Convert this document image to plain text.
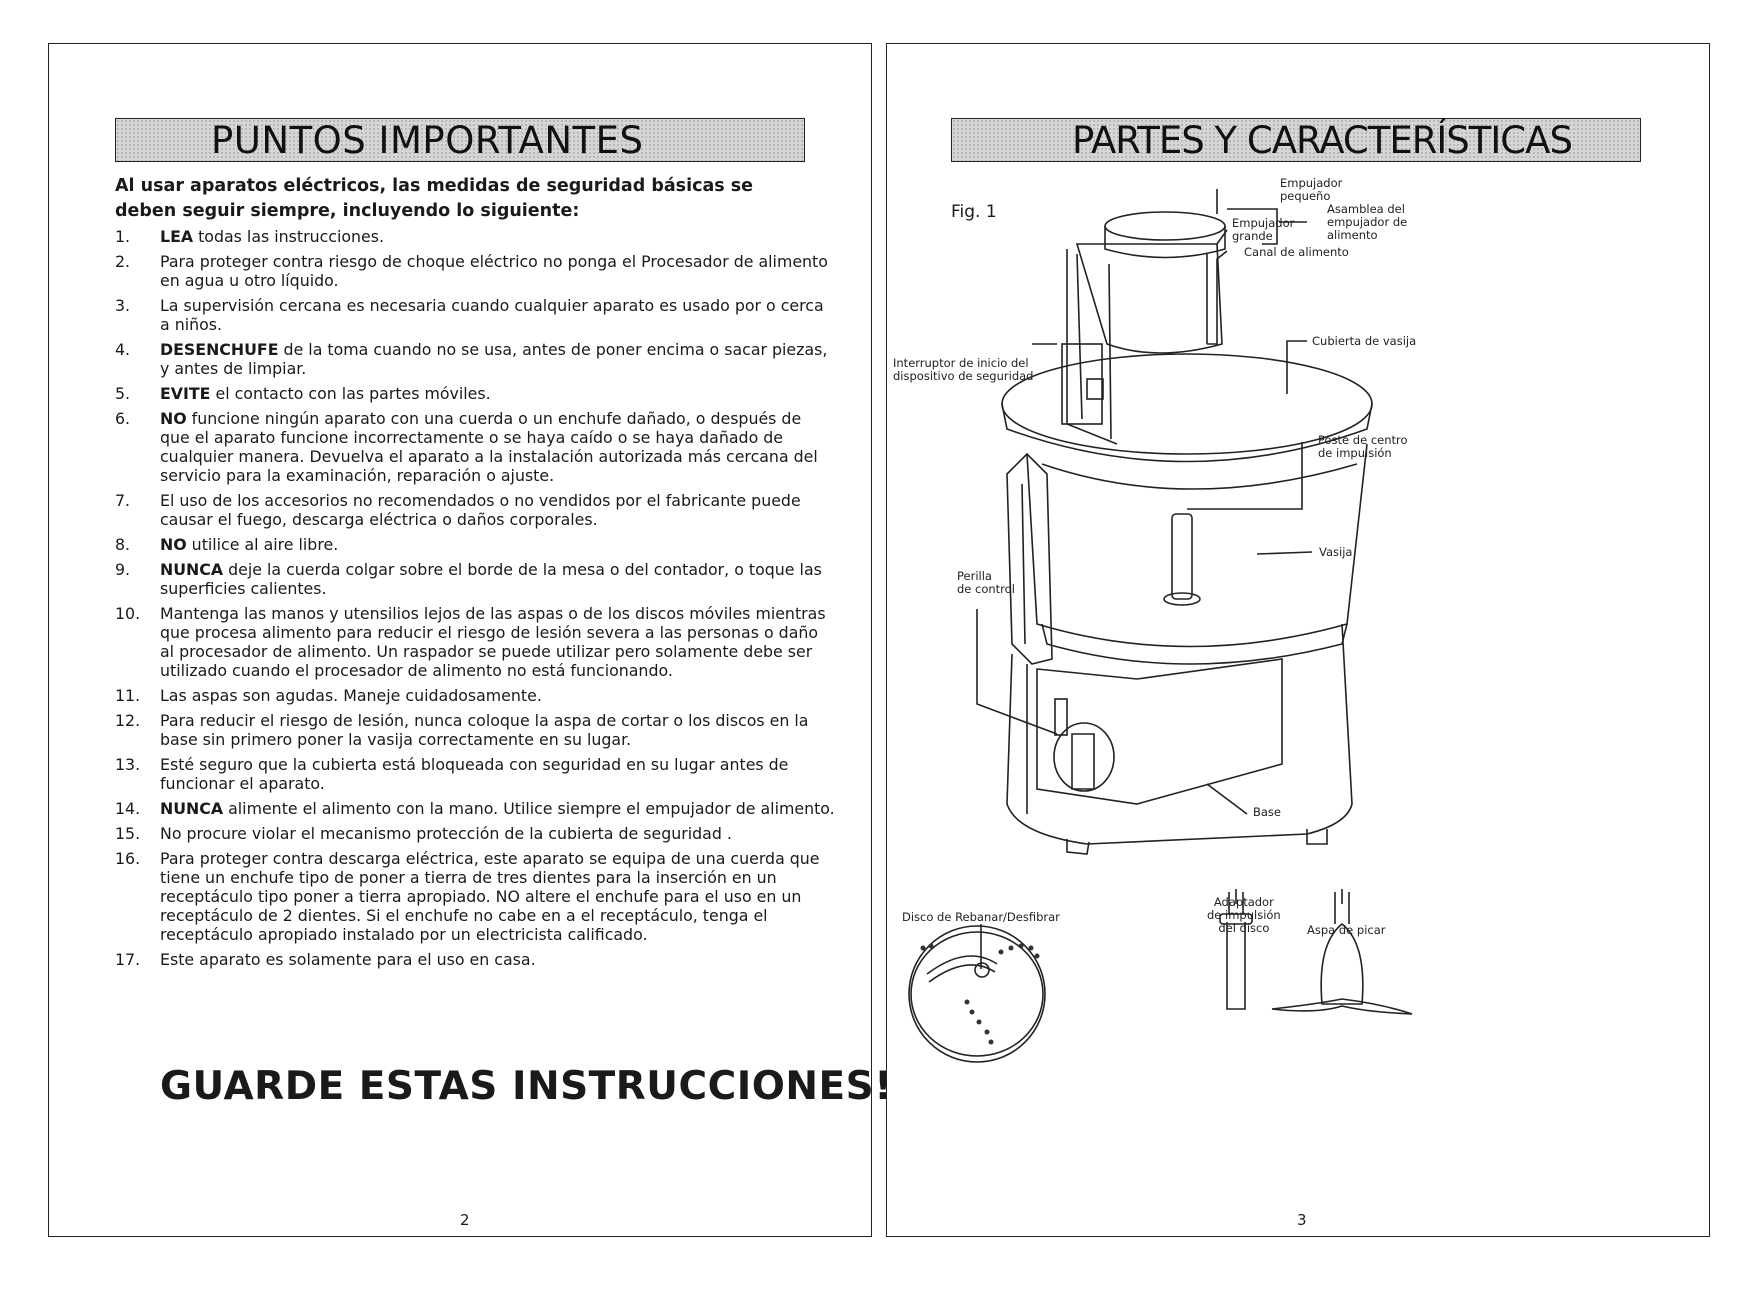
PUNTOS IMPORTANTES
Al usar aparatos eléctricos, las medidas de seguridad básicas se deben seguir siempre, incluyendo lo siguiente:
1. LEA todas las instrucciones.
2. Para proteger contra riesgo de choque eléctrico no ponga el Procesador de alimento en agua u otro líquido.
3. La supervisión cercana es necesaria cuando cualquier aparato es usado por o cerca a niños.
4. DESENCHUFE de la toma cuando no se usa, antes de poner encima o sacar piezas, y antes de limpiar.
5. EVITE el contacto con las partes móviles.
6. NO funcione ningún aparato con una cuerda o un enchufe dañado, o después de que el aparato funcione incorrectamente o se haya caído o se haya dañado de cualquier manera. Devuelva el aparato a la instalación autorizada más cercana del servicio para la examinación, reparación o ajuste.
7. El uso de los accesorios no recomendados o no vendidos por el fabricante puede causar el fuego, descarga eléctrica o daños corporales.
8. NO utilice al aire libre.
9. NUNCA deje la cuerda colgar sobre el borde de la mesa o del contador, o toque las superficies calientes.
10. Mantenga las manos y utensilios lejos de las aspas o de los discos móviles mientras que procesa alimento para reducir el riesgo de lesión severa a las personas o daño al procesador de alimento. Un raspador se puede utilizar pero solamente debe ser utilizado cuando el procesador de alimento no está funcionando.
11. Las aspas son agudas. Maneje cuidadosamente.
12. Para reducir el riesgo de lesión, nunca coloque la aspa de cortar o los discos en la base sin primero poner la vasija correctamente en su lugar.
13. Esté seguro que la cubierta está bloqueada con seguridad en su lugar antes de funcionar el aparato.
14. NUNCA alimente el alimento con la mano. Utilice siempre el empujador de alimento.
15. No procure violar el mecanismo protección de la cubierta de seguridad .
16. Para proteger contra descarga eléctrica, este aparato se equipa de una cuerda que tiene un enchufe tipo de poner a tierra de tres dientes para la inserción en un receptáculo tipo poner a tierra apropiado. NO altere el enchufe para el uso en un receptáculo de 2 dientes. Si el enchufe no cabe en a el receptáculo, tenga el receptáculo apropiado instalado por un electricista calificado.
17. Este aparato es solamente para el uso en casa.
GUARDE ESTAS INSTRUCCIONES!
2
PARTES Y CARACTERÍSTICAS
Fig. 1
Empujador
pequeño
Empujador
grande
Asamblea del
empujador de
alimento
Canal de alimento
Cubierta de vasija
Interruptor de inicio del
dispositivo de seguridad
Poste de centro
de impulsión
Vasija
Perilla
de control
Base
Disco de Rebanar/Desfibrar
Adaptador
de impulsión
del disco	Aspa de picar
3
